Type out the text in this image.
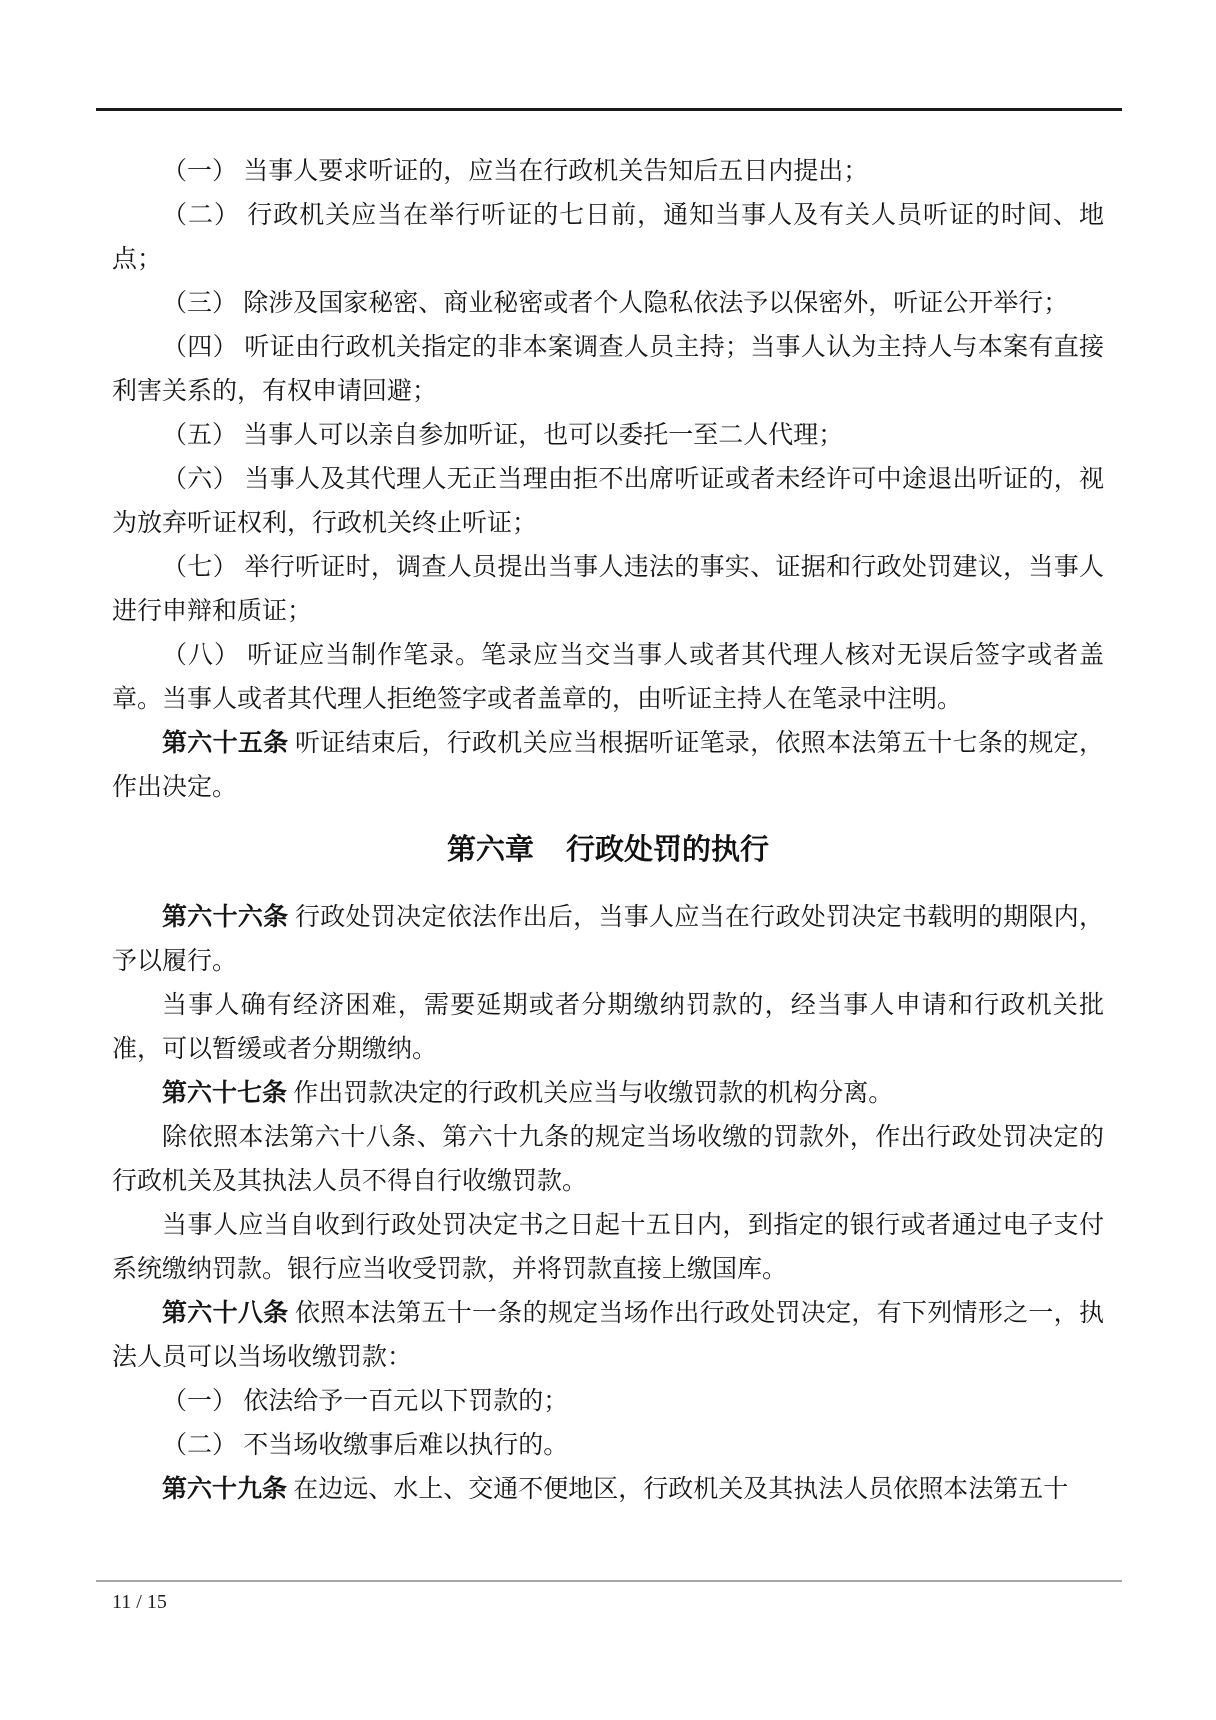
（一） 当事人要求听证的，应当在行政机关告知后五日内提出；

（二） 行政机关应当在举行听证的七日前，通知当事人及有关人员听证的时间、地点；

（三） 除涉及国家秘密、商业秘密或者个人隐私依法予以保密外，听证公开举行；

（四） 听证由行政机关指定的非本案调查人员主持；当事人认为主持人与本案有直接利害关系的，有权申请回避；

（五） 当事人可以亲自参加听证，也可以委托一至二人代理；

（六） 当事人及其代理人无正当理由拒不出席听证或者未经许可中途退出听证的，视为放弃听证权利，行政机关终止听证；

（七） 举行听证时，调查人员提出当事人违法的事实、证据和行政处罚建议，当事人进行申辩和质证；

（八） 听证应当制作笔录。笔录应当交当事人或者其代理人核对无误后签字或者盖章。当事人或者其代理人拒绝签字或者盖章的，由听证主持人在笔录中注明。

第六十五条 听证结束后，行政机关应当根据听证笔录，依照本法第五十七条的规定，作出决定。

第六章 行政处罚的执行

第六十六条 行政处罚决定依法作出后，当事人应当在行政处罚决定书载明的期限内，予以履行。

当事人确有经济困难，需要延期或者分期缴纳罚款的，经当事人申请和行政机关批准，可以暂缓或者分期缴纳。

第六十七条 作出罚款决定的行政机关应当与收缴罚款的机构分离。

除依照本法第六十八条、第六十九条的规定当场收缴的罚款外，作出行政处罚决定的行政机关及其执法人员不得自行收缴罚款。

当事人应当自收到行政处罚决定书之日起十五日内，到指定的银行或者通过电子支付系统缴纳罚款。银行应当收受罚款，并将罚款直接上缴国库。

第六十八条 依照本法第五十一条的规定当场作出行政处罚决定，有下列情形之一，执法人员可以当场收缴罚款：

（一） 依法给予一百元以下罚款的；

（二） 不当场收缴事后难以执行的。

第六十九条 在边远、水上、交通不便地区，行政机关及其执法人员依照本法第五十

11 / 15
